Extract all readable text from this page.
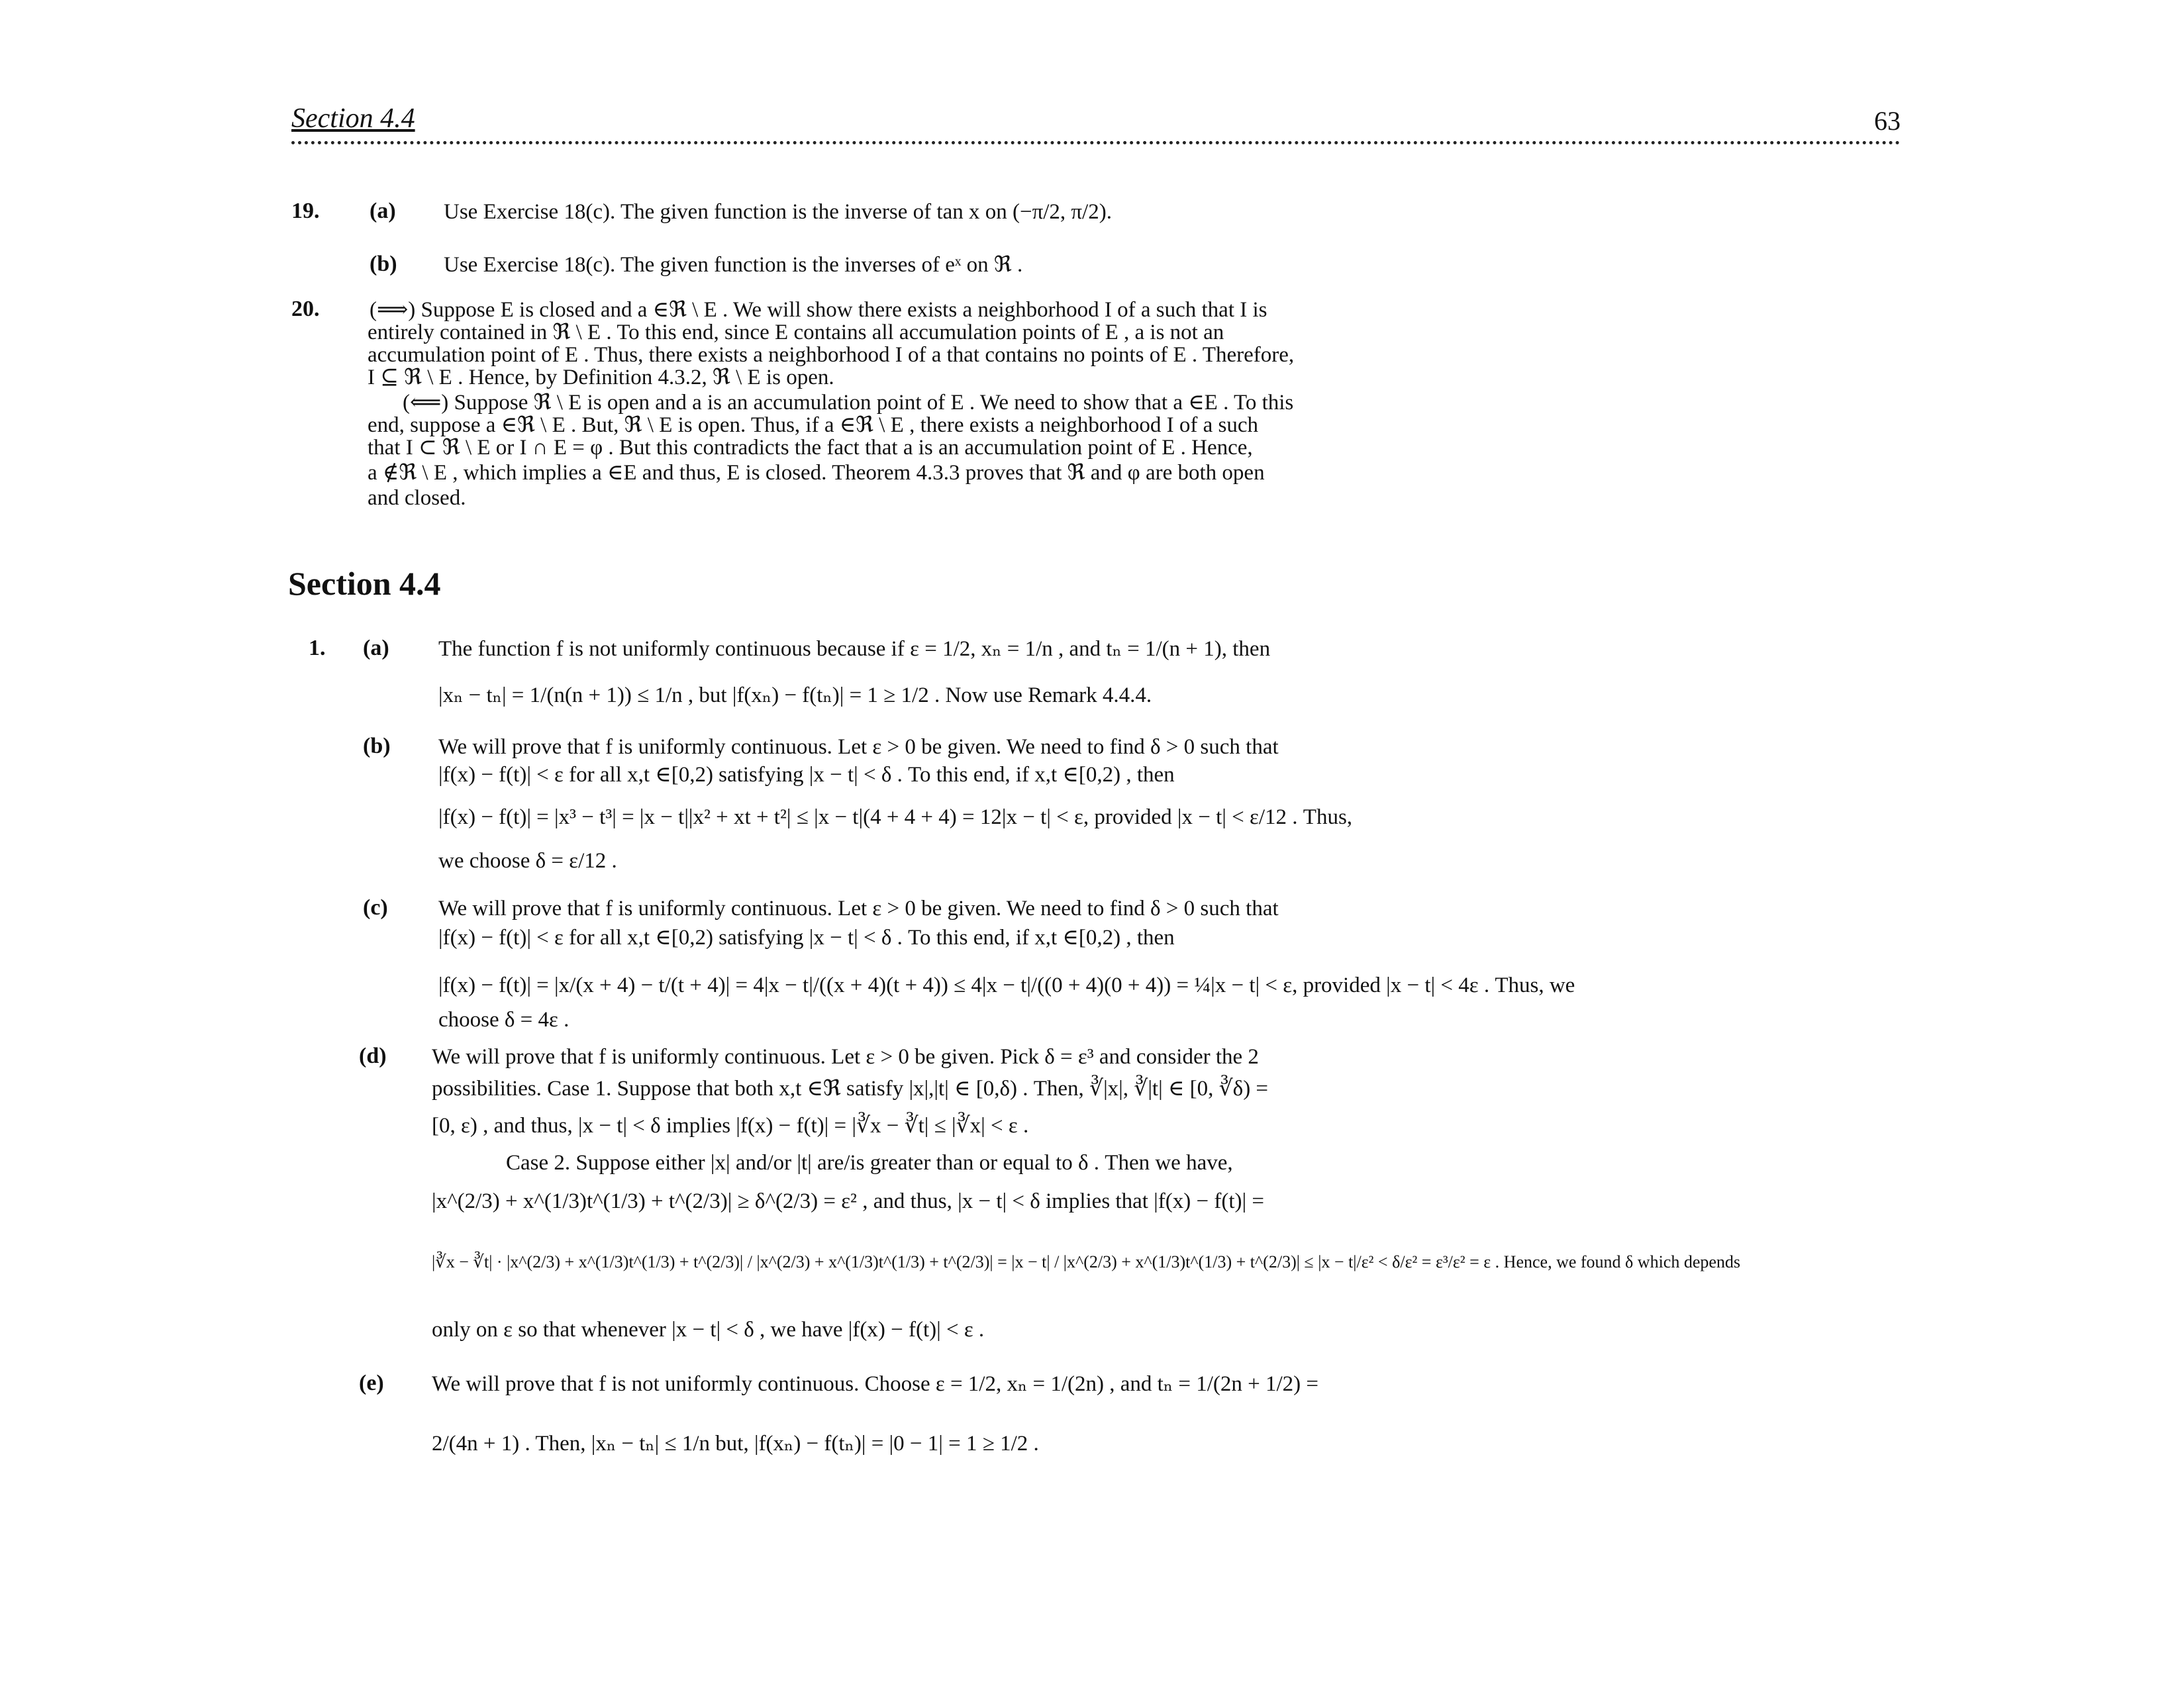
Section 4.4	63
19. (a) Use Exercise 18(c). The given function is the inverse of tan x on (−π/2, π/2).
(b) Use Exercise 18(c). The given function is the inverses of eˣ on ℜ .
20. (⟹) Suppose E is closed and a ∈ℜ \ E . We will show there exists a neighborhood I of a such that I is
entirely contained in ℜ \ E . To this end, since E contains all accumulation points of E , a is not an
accumulation point of E . Thus, there exists a neighborhood I of a that contains no points of E . Therefore,
I ⊆ ℜ \ E . Hence, by Definition 4.3.2, ℜ \ E is open.
(⟸) Suppose ℜ \ E is open and a is an accumulation point of E . We need to show that a ∈E . To this
end, suppose a ∈ℜ \ E . But, ℜ \ E is open. Thus, if a ∈ℜ \ E , there exists a neighborhood I of a such
that I ⊂ ℜ \ E or I ∩ E = φ . But this contradicts the fact that a is an accumulation point of E . Hence,
a ∉ℜ \ E , which implies a ∈E and thus, E is closed. Theorem 4.3.3 proves that ℜ and φ are both open
and closed.
Section 4.4
1. (a) The function f is not uniformly continuous because if ε = 1/2, xₙ = 1/n , and tₙ = 1/(n + 1), then
|xₙ − tₙ| = 1/(n(n + 1)) ≤ 1/n , but |f(xₙ) − f(tₙ)| = 1 ≥ 1/2 . Now use Remark 4.4.4.
(b) We will prove that f is uniformly continuous. Let ε > 0 be given. We need to find δ > 0 such that
|f(x) − f(t)| < ε for all x,t ∈[0,2) satisfying |x − t| < δ . To this end, if x,t ∈[0,2) , then
|f(x) − f(t)| = |x³ − t³| = |x − t||x² + xt + t²| ≤ |x − t|(4 + 4 + 4) = 12|x − t| < ε, provided |x − t| < ε/12 . Thus,
we choose δ = ε/12 .
(c) We will prove that f is uniformly continuous. Let ε > 0 be given. We need to find δ > 0 such that
|f(x) − f(t)| < ε for all x,t ∈[0,2) satisfying |x − t| < δ . To this end, if x,t ∈[0,2) , then
|f(x) − f(t)| = |x/(x + 4) − t/(t + 4)| = 4|x − t|/((x + 4)(t + 4)) ≤ 4|x − t|/((0 + 4)(0 + 4)) = ¼|x − t| < ε, provided |x − t| < 4ε . Thus, we
choose δ = 4ε .
(d) We will prove that f is uniformly continuous. Let ε > 0 be given. Pick δ = ε³ and consider the 2
possibilities. Case 1. Suppose that both x,t ∈ℜ satisfy |x|,|t| ∈ [0,δ) . Then, ∛|x|, ∛|t| ∈ [0, ∛δ) =
[0, ε) , and thus, |x − t| < δ implies |f(x) − f(t)| = |∛x − ∛t| ≤ |∛x| < ε .
Case 2. Suppose either |x| and/or |t| are/is greater than or equal to δ . Then we have,
|x^(2/3) + x^(1/3)t^(1/3) + t^(2/3)| ≥ δ^(2/3) = ε² , and thus, |x − t| < δ implies that |f(x) − f(t)| =
|∛x − ∛t| · |x^(2/3) + x^(1/3)t^(1/3) + t^(2/3)| / |x^(2/3) + x^(1/3)t^(1/3) + t^(2/3)| = |x − t| / |x^(2/3) + x^(1/3)t^(1/3) + t^(2/3)| ≤ |x − t|/ε² < δ/ε² = ε³/ε² = ε . Hence, we found δ which depends
only on ε so that whenever |x − t| < δ , we have |f(x) − f(t)| < ε .
(e) We will prove that f is not uniformly continuous. Choose ε = 1/2, xₙ = 1/(2n) , and tₙ = 1/(2n + 1/2) =
2/(4n + 1) . Then, |xₙ − tₙ| ≤ 1/n but, |f(xₙ) − f(tₙ)| = |0 − 1| = 1 ≥ 1/2 .
